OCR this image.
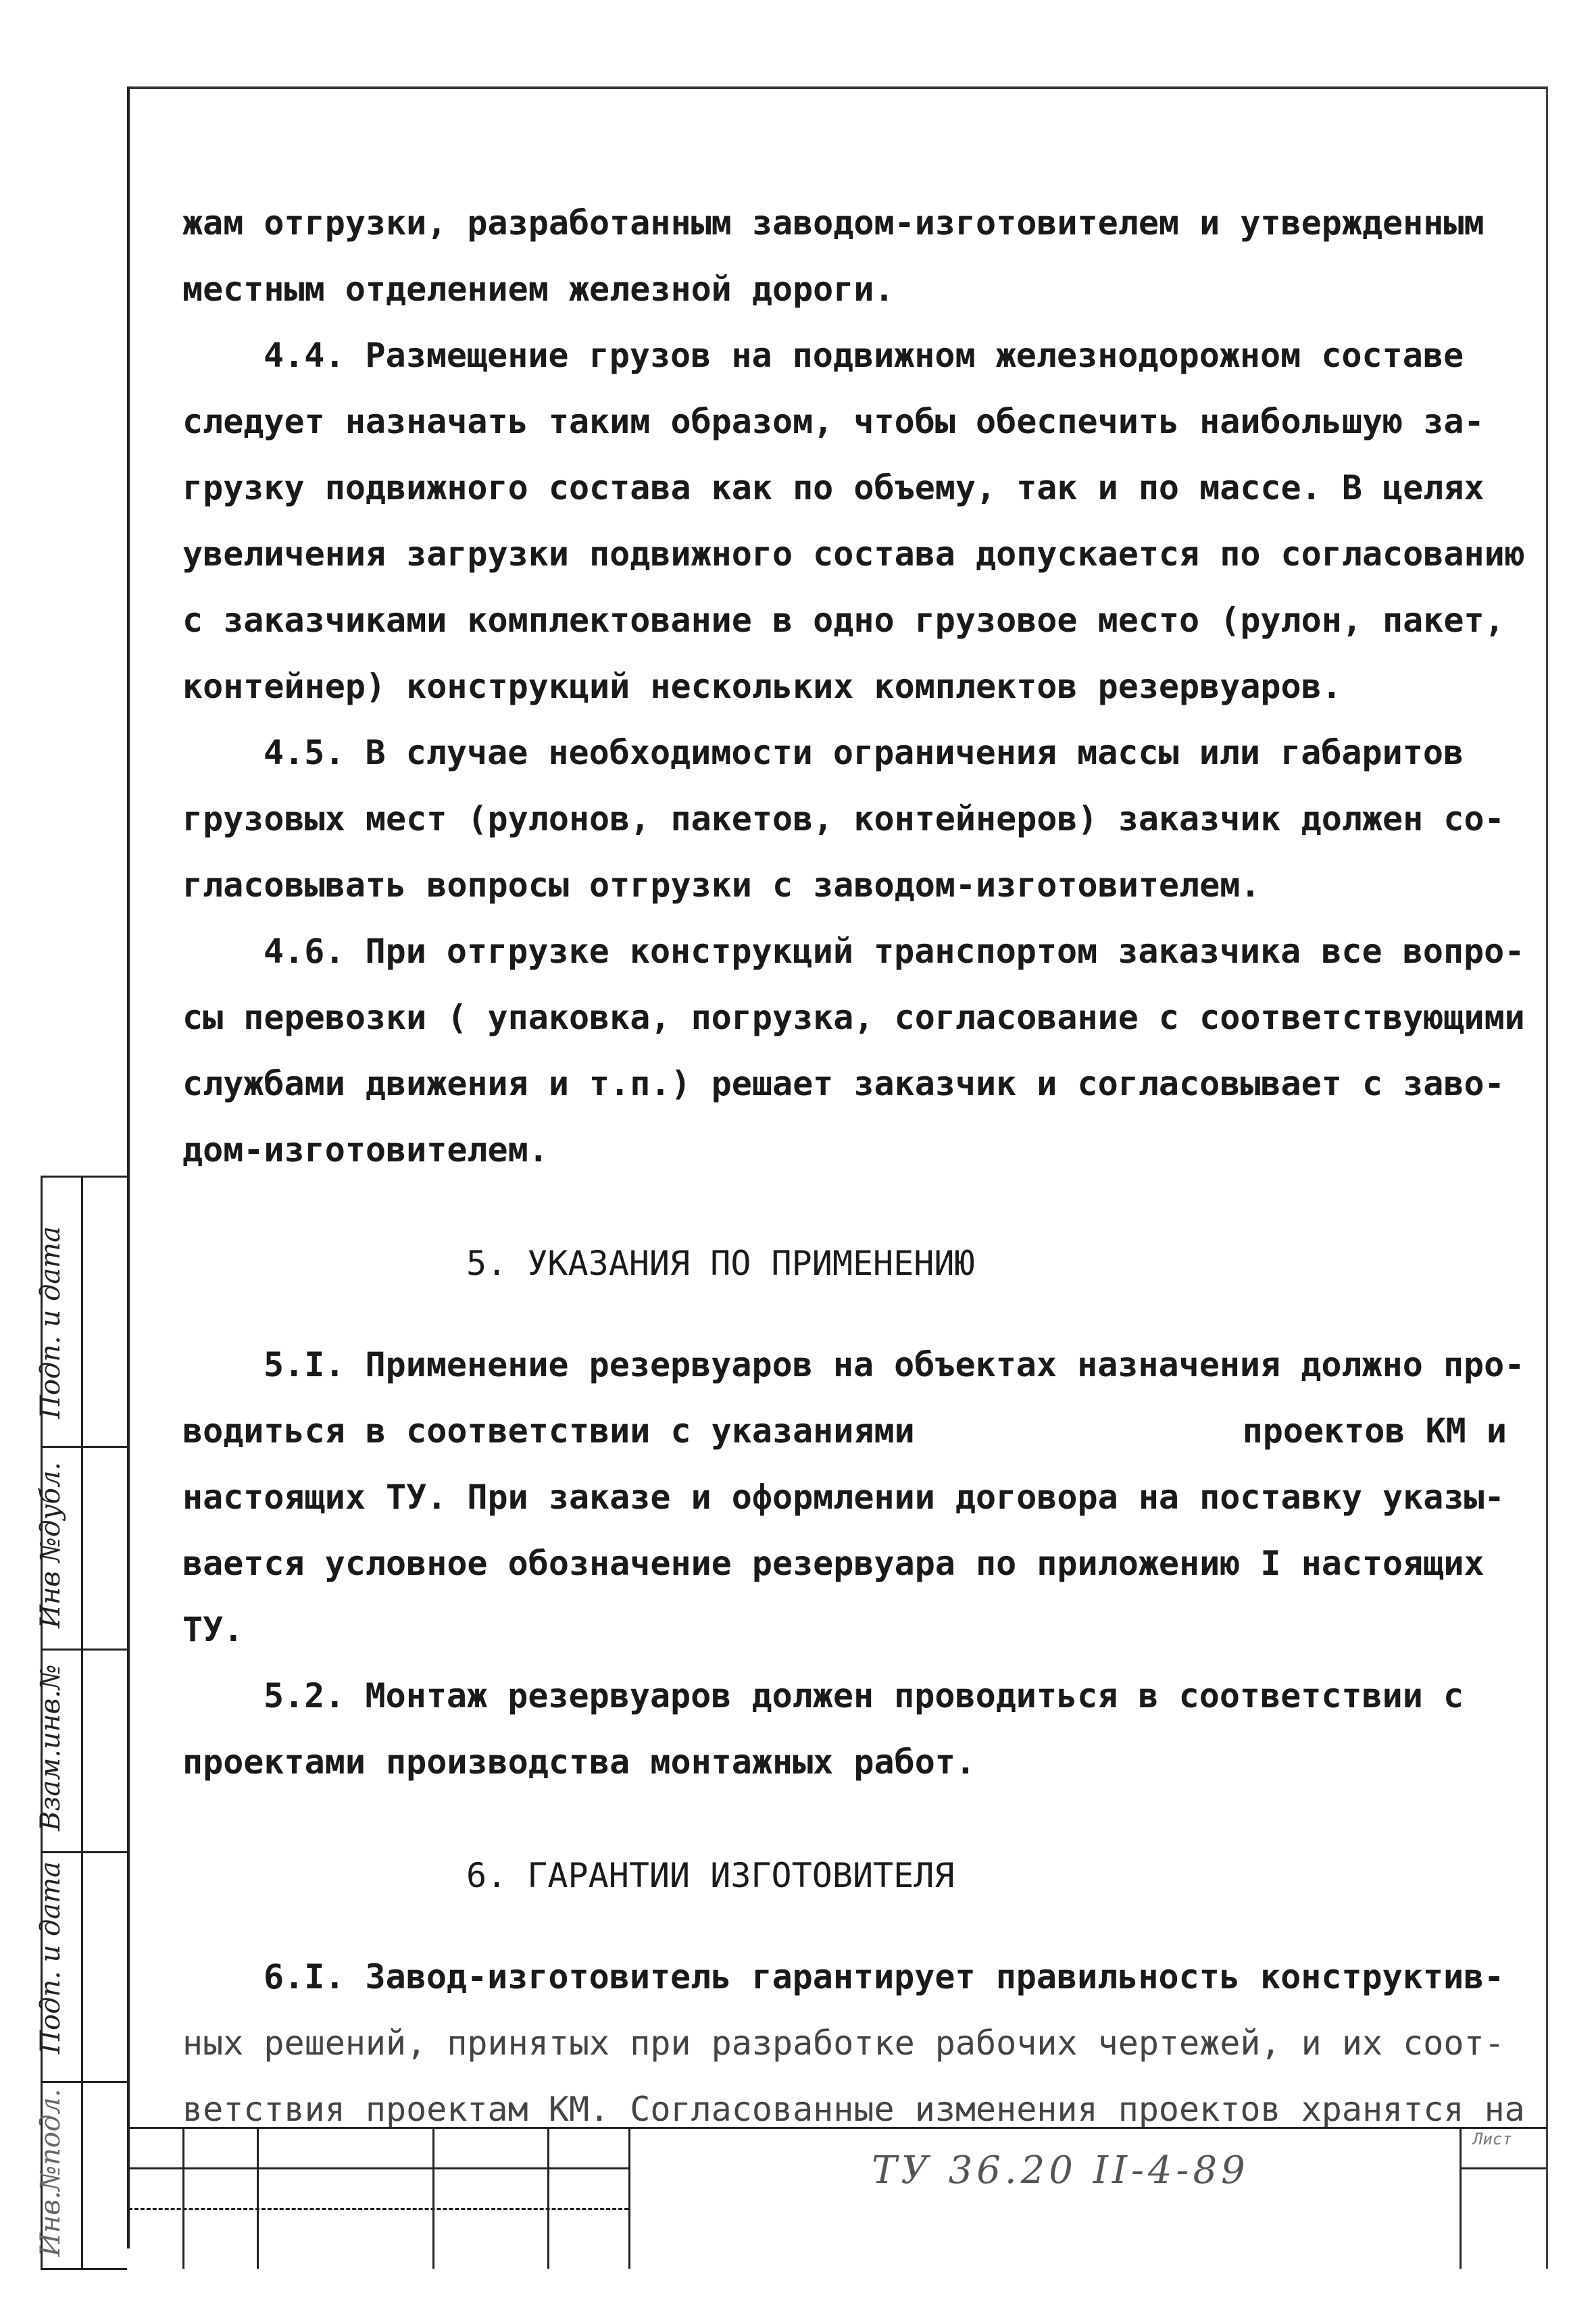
жам отгрузки, разработанным заводом-изготовителем и утвержденным
местным отделением железной дороги.
4.4. Размещение грузов на подвижном железнодорожном составе
следует назначать таким образом, чтобы обеспечить наибольшую за-
грузку подвижного состава как по объему, так и по массе. В целях
увеличения загрузки подвижного состава допускается по согласованию
с заказчиками комплектование в одно грузовое место (рулон, пакет,
контейнер) конструкций нескольких комплектов резервуаров.
4.5. В случае необходимости ограничения массы или габаритов
грузовых мест (рулонов, пакетов, контейнеров) заказчик должен со-
гласовывать вопросы отгрузки с заводом-изготовителем.
4.6. При отгрузке конструкций транспортом заказчика все вопро-
сы перевозки ( упаковка, погрузка, согласование с соответствующими
службами движения и т.п.) решает заказчик и согласовывает с заво-
дом-изготовителем.
5. УКАЗАНИЯ ПО ПРИМЕНЕНИЮ
5.I. Применение резервуаров на объектах назначения должно про-
водиться в соответствии с указаниями	проектов КМ и
настоящих ТУ. При заказе и оформлении договора на поставку указы-
вается условное обозначение резервуара по приложению I настоящих
ТУ.
5.2. Монтаж резервуаров должен проводиться в соответствии с
проектами производства монтажных работ.
6. ГАРАНТИИ ИЗГОТОВИТЕЛЯ
6.I. Завод-изготовитель гарантирует правильность конструктив-
ных решений, принятых при разработке рабочих чертежей, и их соот-
ветствия проектам КМ. Согласованные изменения проектов хранятся на
Подп. и дата
Инв №дубл.
Взам.инв.№
Подп. и дата
Инв.№подл.	ТУ 36.20 II-4-89
Лист
